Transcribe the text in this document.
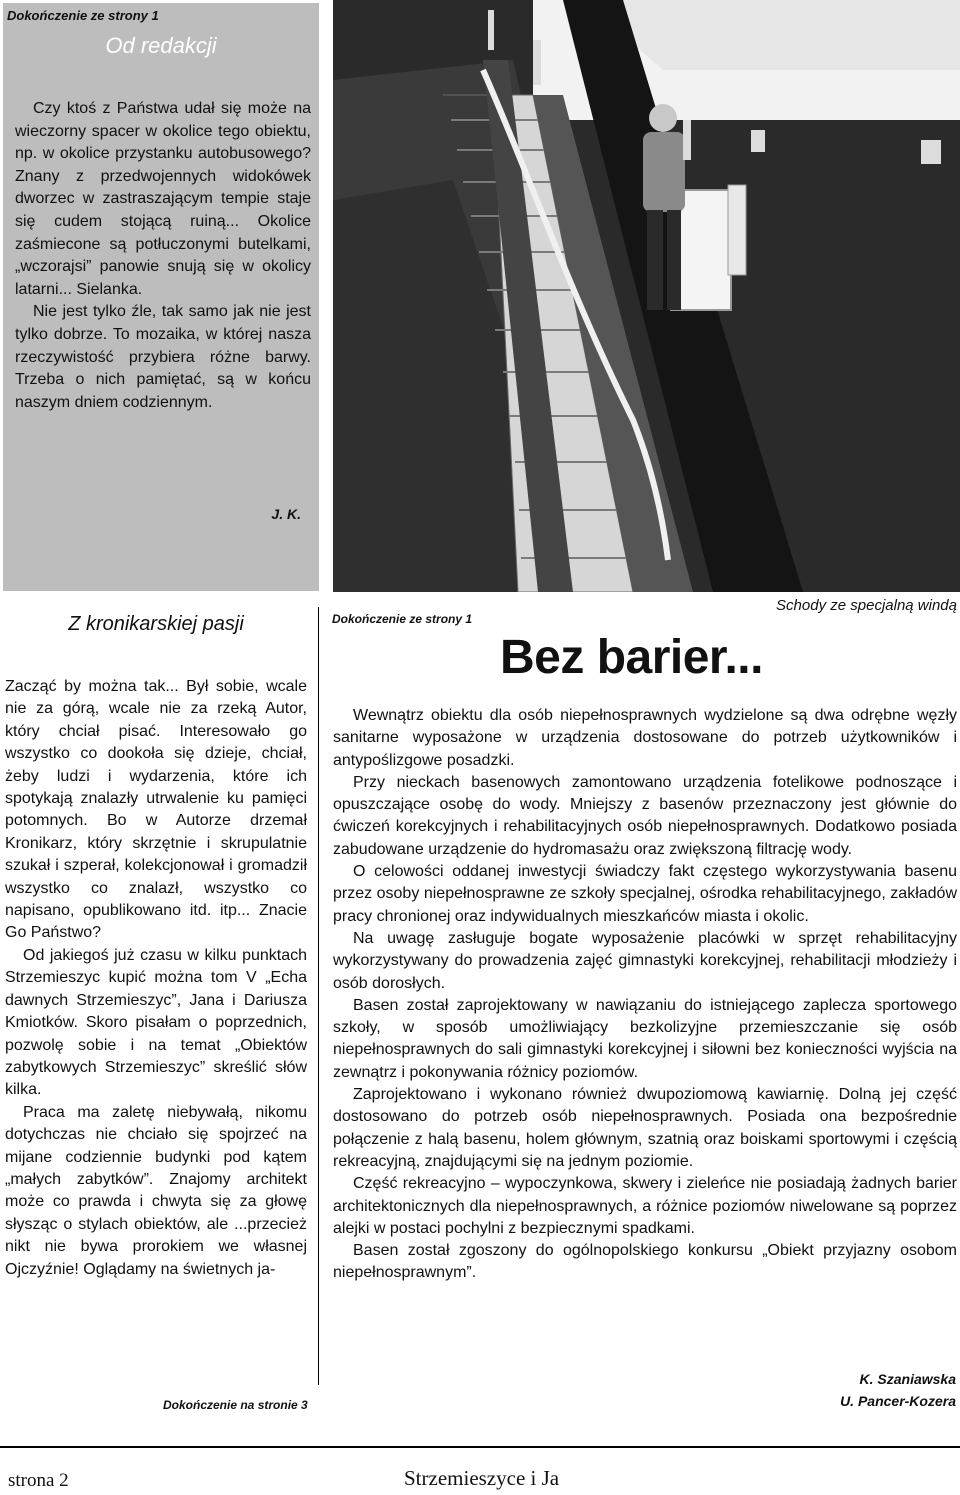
Dokończenie ze strony 1
Od redakcji

Czy ktoś z Państwa udał się może na wieczorny spacer w okolice tego obiektu, np. w okolice przystanku autobusowego? Znany z przedwojennych widokówek dworzec w zastraszającym tempie staje się cudem stojącą ruiną... Okolice zaśmiecone są potłuczonymi butelkami, „wczorajsi” panowie snują się w okolicy latarni... Sielanka.

Nie jest tylko źle, tak samo jak nie jest tylko dobrze. To mozaika, w której nasza rzeczywistość przybiera różne barwy. Trzeba o nich pamiętać, są w końcu naszym dniem codziennym.

J. K.
Schody ze specjalną windą
Z kronikarskiej pasji

Zacząć by można tak... Był sobie, wcale nie za górą, wcale nie za rzeką Autor, który chciał pisać. Interesowało go wszystko co dookoła się dzieje, chciał, żeby ludzi i wydarzenia, które ich spotykają znalazły utrwalenie ku pamięci potomnych. Bo w Autorze drzemał Kronikarz, który skrzętnie i skrupulatnie szukał i szperał, kolekcjonował i gromadził wszystko co znalazł, wszystko co napisano, opublikowano itd. itp... Znacie Go Państwo?

Od jakiegoś już czasu w kilku punktach Strzemieszyc kupić można tom V „Echa dawnych Strzemieszyc”, Jana i Dariusza Kmiotków. Skoro pisałam o poprzednich, pozwolę sobie i na temat „Obiektów zabytkowych Strzemieszyc” skreślić słów kilka.

Praca ma zaletę niebywałą, nikomu dotychczas nie chciało się spojrzeć na mijane codziennie budynki pod kątem „małych zabytków”. Znajomy architekt może co prawda i chwyta się za głowę słysząc o stylach obiektów, ale ...przecież nikt nie bywa prorokiem we własnej Ojczyźnie! Oglądamy na świetnych ja-

Dokończenie na stronie 3
Dokończenie ze strony 1
Bez barier...

Wewnątrz obiektu dla osób niepełnosprawnych wydzielone są dwa odrębne węzły sanitarne wyposażone w urządzenia dostosowane do potrzeb użytkowników i antypoślizgowe posadzki.

Przy nieckach basenowych zamontowano urządzenia fotelikowe podnoszące i opuszczające osobę do wody. Mniejszy z basenów przeznaczony jest głównie do ćwiczeń korekcyjnych i rehabilitacyjnych osób niepełnosprawnych. Dodatkowo posiada zabudowane urządzenie do hydromasażu oraz zwiększoną filtrację wody.

O celowości oddanej inwestycji świadczy fakt częstego wykorzystywania basenu przez osoby niepełnosprawne ze szkoły specjalnej, ośrodka rehabilitacyjnego, zakładów pracy chronionej oraz indywidualnych mieszkańców miasta i okolic.

Na uwagę zasługuje bogate wyposażenie placówki w sprzęt rehabilitacyjny wykorzystywany do prowadzenia zajęć gimnastyki korekcyjnej, rehabilitacji młodzieży i osób dorosłych.

Basen został zaprojektowany w nawiązaniu do istniejącego zaplecza sportowego szkoły, w sposób umożliwiający bezkolizyjne przemieszczanie się osób niepełnosprawnych do sali gimnastyki korekcyjnej i siłowni bez konieczności wyjścia na zewnątrz i pokonywania różnicy poziomów.

Zaprojektowano i wykonano również dwupoziomową kawiarnię. Dolną jej część dostosowano do potrzeb osób niepełnosprawnych. Posiada ona bezpośrednie połączenie z halą basenu, holem głównym, szatnią oraz boiskami sportowymi i częścią rekreacyjną, znajdującymi się na jednym poziomie.

Część rekreacyjno – wypoczynkowa, skwery i zieleńce nie posiadają żadnych barier architektonicznych dla niepełnosprawnych, a różnice poziomów niwelowane są poprzez alejki w postaci pochylni z bezpiecznymi spadkami.

Basen został zgoszony do ogólnopolskiego konkursu „Obiekt przyjazny osobom niepełnosprawnym”.

K. Szaniawska
U. Pancer-Kozera
strona 2	Strzemieszyce i Ja
